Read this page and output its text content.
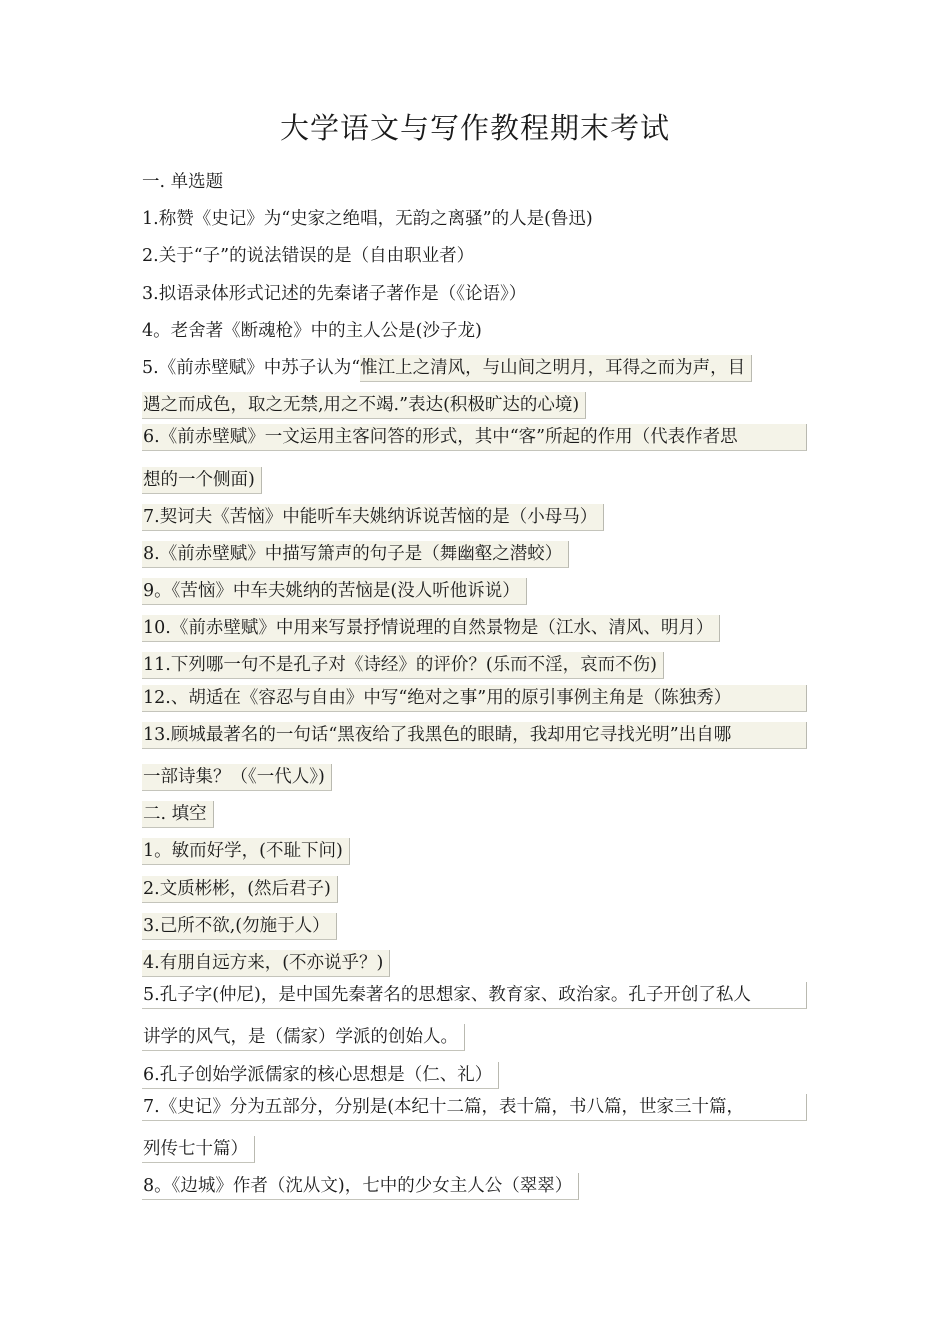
大学语文与写作教程期末考试
一. 单选题
1.称赞《史记》为“史家之绝唱，无韵之离骚”的人是(鲁迅)
2.关于“子”的说法错误的是（自由职业者）
3.拟语录体形式记述的先秦诸子著作是（《论语》）
4。老舍著《断魂枪》中的主人公是(沙子龙)
5.《前赤壁赋》中苏子认为“惟江上之清风，与山间之明月，耳得之而为声，目
遇之而成色，取之无禁,用之不竭.”表达(积极旷达的心境)
6.《前赤壁赋》一文运用主客问答的形式，其中“客”所起的作用（代表作者思
想的一个侧面)
7.契诃夫《苦恼》中能听车夫姚纳诉说苦恼的是（小母马）
8.《前赤壁赋》中描写箫声的句子是（舞幽壑之潜蛟）
9。《苦恼》中车夫姚纳的苦恼是(没人听他诉说）
10.《前赤壁赋》中用来写景抒情说理的自然景物是（江水、清风、明月）
11.下列哪一句不是孔子对《诗经》的评价？(乐而不淫，哀而不伤)
12.、胡适在《容忍与自由》中写“绝对之事”用的原引事例主角是（陈独秀）
13.顾城最著名的一句话“黑夜给了我黑色的眼睛，我却用它寻找光明”出自哪
一部诗集？（《一代人》)
二. 填空
1。敏而好学，(不耻下问)
2.文质彬彬，(然后君子)
3.己所不欲,(勿施于人）
4.有朋自远方来，(不亦说乎？)
5.孔子字(仲尼)，是中国先秦著名的思想家、教育家、政治家。孔子开创了私人
讲学的风气，是（儒家）学派的创始人。
6.孔子创始学派儒家的核心思想是（仁、礼）
7.《史记》分为五部分，分别是(本纪十二篇，表十篇，书八篇，世家三十篇，
列传七十篇）
8。《边城》作者（沈从文)，七中的少女主人公（翠翠）
